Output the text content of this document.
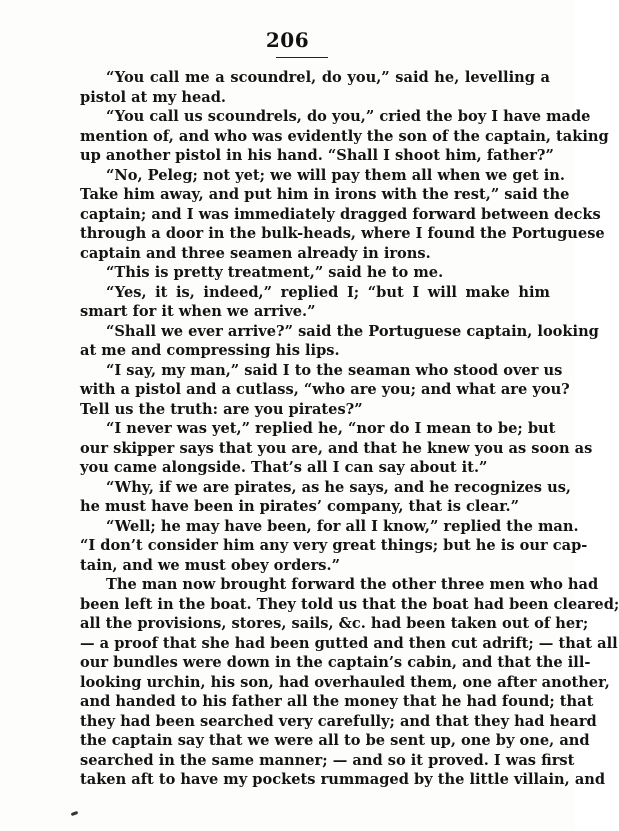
206
“You call me a scoundrel, do you,” said he, levelling a
pistol at my head.
“You call us scoundrels, do you,” cried the boy I have made
mention of, and who was evidently the son of the captain, taking
up another pistol in his hand. “Shall I shoot him, father?”
“No, Peleg; not yet; we will pay them all when we get in.
Take him away, and put him in irons with the rest,” said the
captain; and I was immediately dragged forward between decks
through a door in the bulk-heads, where I found the Portuguese
captain and three seamen already in irons.
“This is pretty treatment,” said he to me.
“Yes, it is, indeed,” replied I; “but I will make him
smart for it when we arrive.”
“Shall we ever arrive?” said the Portuguese captain, looking
at me and compressing his lips.
“I say, my man,” said I to the seaman who stood over us
with a pistol and a cutlass, “who are you; and what are you?
Tell us the truth: are you pirates?”
“I never was yet,” replied he, “nor do I mean to be; but
our skipper says that you are, and that he knew you as soon as
you came alongside. That’s all I can say about it.”
“Why, if we are pirates, as he says, and he recognizes us,
he must have been in pirates’ company, that is clear.”
“Well; he may have been, for all I know,” replied the man.
“I don’t consider him any very great things; but he is our cap-
tain, and we must obey orders.”
The man now brought forward the other three men who had
been left in the boat. They told us that the boat had been cleared;
all the provisions, stores, sails, &c. had been taken out of her;
— a proof that she had been gutted and then cut adrift; — that all
our bundles were down in the captain’s cabin, and that the ill-
looking urchin, his son, had overhauled them, one after another,
and handed to his father all the money that he had found; that
they had been searched very carefully; and that they had heard
the captain say that we were all to be sent up, one by one, and
searched in the same manner; — and so it proved. I was first
taken aft to have my pockets rummaged by the little villain, and
